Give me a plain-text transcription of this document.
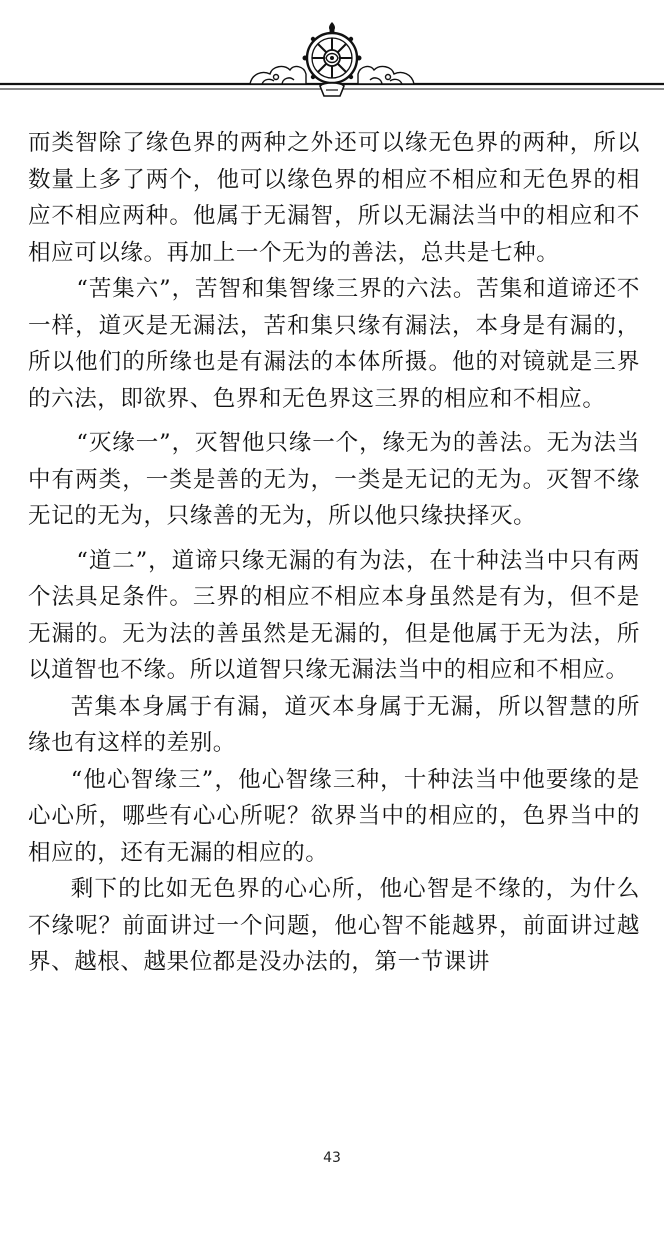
而类智除了缘色界的两种之外还可以缘无色界的两种，所以数量上多了两个，他可以缘色界的相应不相应和无色界的相应不相应两种。他属于无漏智，所以无漏法当中的相应和不相应可以缘。再加上一个无为的善法，总共是七种。

“苦集六”，苦智和集智缘三界的六法。苦集和道谛还不一样，道灭是无漏法，苦和集只缘有漏法，本身是有漏的，所以他们的所缘也是有漏法的本体所摄。他的对镜就是三界的六法，即欲界、色界和无色界这三界的相应和不相应。

“灭缘一”，灭智他只缘一个，缘无为的善法。无为法当中有两类，一类是善的无为，一类是无记的无为。灭智不缘无记的无为，只缘善的无为，所以他只缘抉择灭。

“道二”，道谛只缘无漏的有为法，在十种法当中只有两个法具足条件。三界的相应不相应本身虽然是有为，但不是无漏的。无为法的善虽然是无漏的，但是他属于无为法，所以道智也不缘。所以道智只缘无漏法当中的相应和不相应。

苦集本身属于有漏，道灭本身属于无漏，所以智慧的所缘也有这样的差别。

“他心智缘三”，他心智缘三种，十种法当中他要缘的是心心所，哪些有心心所呢？欲界当中的相应的，色界当中的相应的，还有无漏的相应的。

剩下的比如无色界的心心所，他心智是不缘的，为什么不缘呢？前面讲过一个问题，他心智不能越界，前面讲过越界、越根、越果位都是没办法的，第一节课讲

43
